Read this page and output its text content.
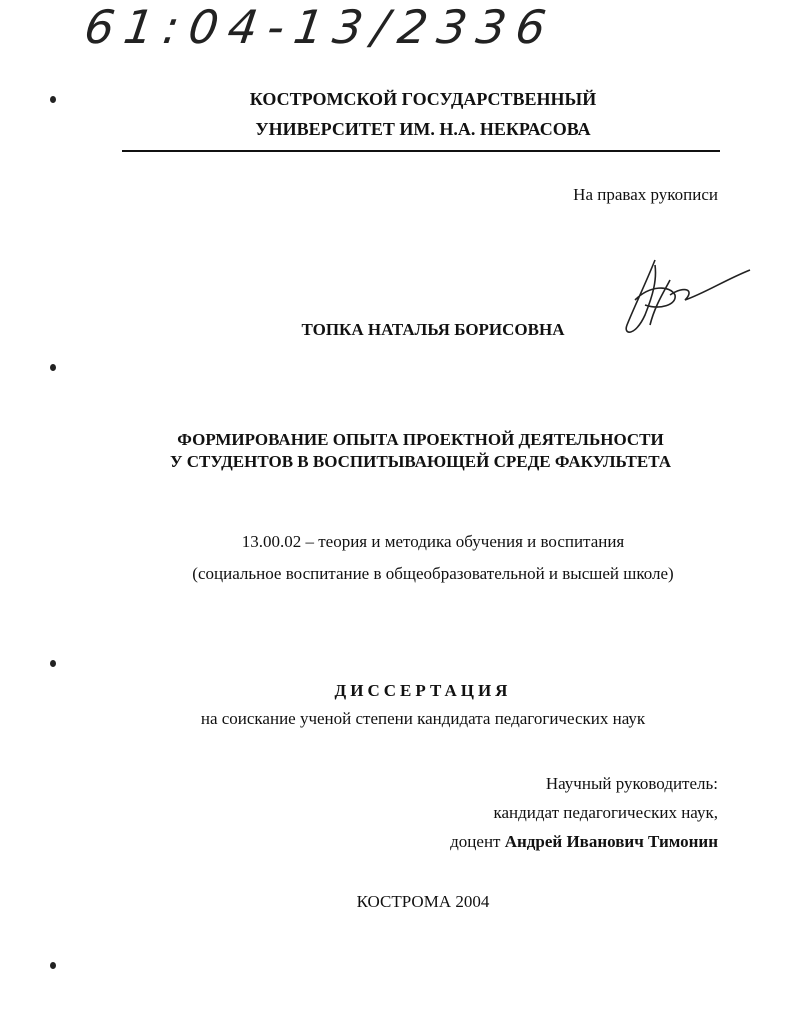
61:04-13/2336
КОСТРОМСКОЙ ГОСУДАРСТВЕННЫЙ
УНИВЕРСИТЕТ ИМ. Н.А. НЕКРАСОВА
На правах рукописи
ТОПКА НАТАЛЬЯ БОРИСОВНА
ФОРМИРОВАНИЕ ОПЫТА ПРОЕКТНОЙ ДЕЯТЕЛЬНОСТИ
У СТУДЕНТОВ В ВОСПИТЫВАЮЩЕЙ СРЕДЕ ФАКУЛЬТЕТА
13.00.02 – теория и методика обучения и воспитания
(социальное воспитание в общеобразовательной и высшей школе)
ДИССЕРТАЦИЯ
на соискание ученой степени кандидата педагогических наук
Научный руководитель:
кандидат педагогических наук,
доцент Андрей Иванович Тимонин
КОСТРОМА 2004
